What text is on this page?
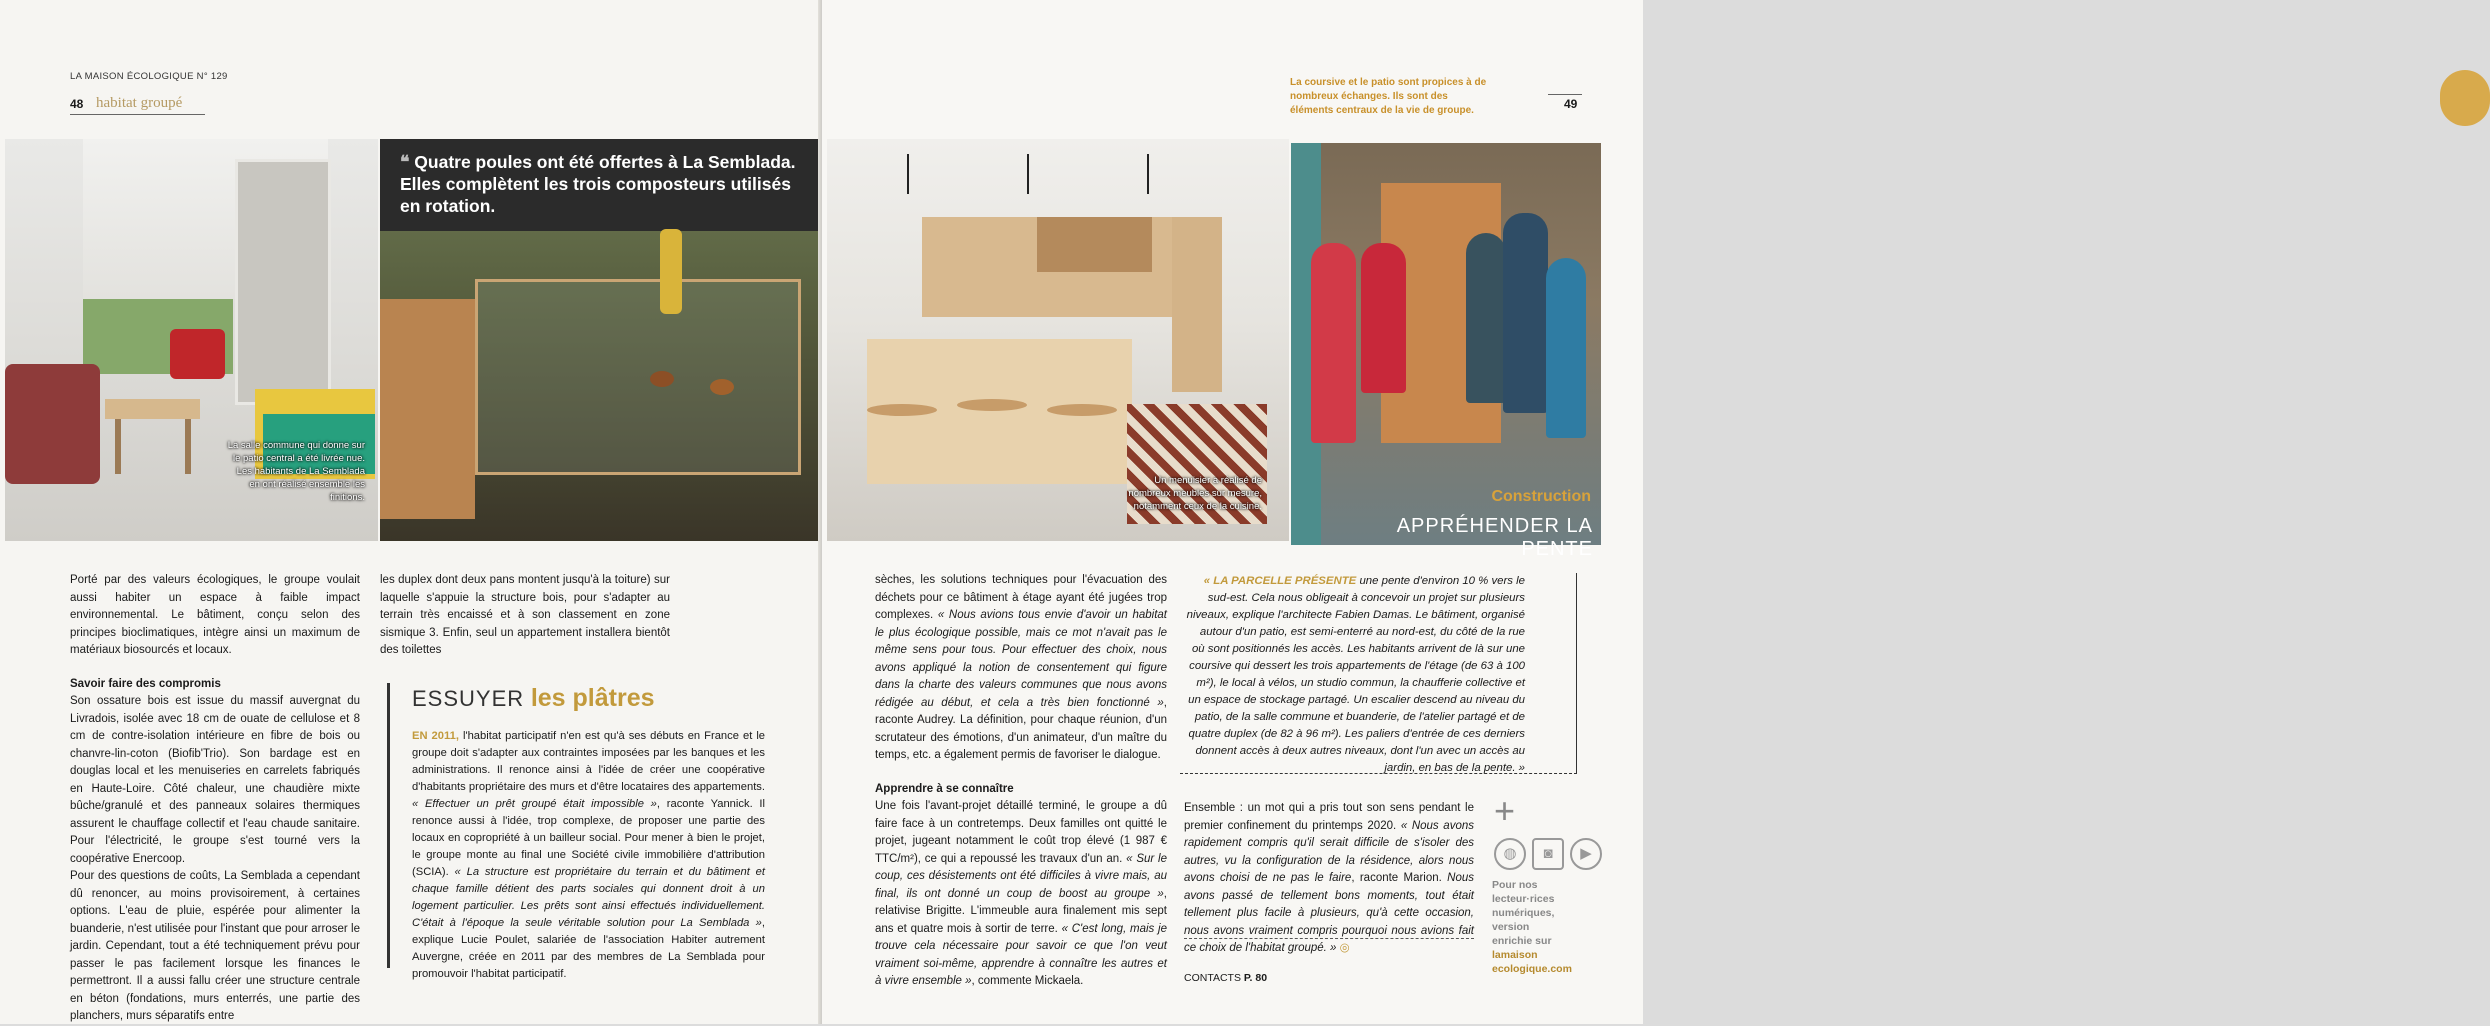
LA MAISON ÉCOLOGIQUE N° 129
48 habitat groupé
La salle commune qui donne sur le patio central a été livrée nue. Les habitants de La Semblada en ont réalisé ensemble les finitions.
❝ Quatre poules ont été offertes à La Semblada. Elles complètent les trois composteurs utilisés en rotation.

Porté par des valeurs écologiques, le groupe voulait aussi habiter un espace à faible impact environnemental. Le bâtiment, conçu selon des principes bioclimatiques, intègre ainsi un maximum de matériaux biosourcés et locaux.

Savoir faire des compromis

Son ossature bois est issue du massif auvergnat du Livradois, isolée avec 18 cm de ouate de cellulose et 8 cm de contre-isolation intérieure en fibre de bois ou chanvre-lin-coton (Biofib'Trio). Son bardage est en douglas local et les menuiseries en carrelets fabriqués en Haute-Loire. Côté chaleur, une chaudière mixte bûche/granulé et des panneaux solaires thermiques assurent le chauffage collectif et l'eau chaude sanitaire. Pour l'électricité, le groupe s'est tourné vers la coopérative Enercoop.

Pour des questions de coûts, La Semblada a cependant dû renoncer, au moins provisoirement, à certaines options. L'eau de pluie, espérée pour alimenter la buanderie, n'est utilisée pour l'instant que pour arroser le jardin. Cependant, tout a été techniquement prévu pour passer le pas facilement lorsque les finances le permettront. Il a aussi fallu créer une structure centrale en béton (fondations, murs enterrés, une partie des planchers, murs séparatifs entre

les duplex dont deux pans montent jusqu'à la toiture) sur laquelle s'appuie la structure bois, pour s'adapter au terrain très encaissé et à son classement en zone sismique 3. Enfin, seul un appartement installera bientôt des toilettes

ESSUYER les plâtres
EN 2011, l'habitat participatif n'en est qu'à ses débuts en France et le groupe doit s'adapter aux contraintes imposées par les banques et les administrations. Il renonce ainsi à l'idée de créer une coopérative d'habitants propriétaire des murs et d'être locataires des appartements. « Effectuer un prêt groupé était impossible », raconte Yannick. Il renonce aussi à l'idée, trop complexe, de proposer une partie des locaux en copropriété à un bailleur social. Pour mener à bien le projet, le groupe monte au final une Société civile immobilière d'attribution (SCIA). « La structure est propriétaire du terrain et du bâtiment et chaque famille détient des parts sociales qui donnent droit à un logement particulier. Les prêts sont ainsi effectués individuellement. C'était à l'époque la seule véritable solution pour La Semblada », explique Lucie Poulet, salariée de l'association Habiter autrement Auvergne, créée en 2011 par des membres de La Semblada pour promouvoir l'habitat participatif.
La coursive et le patio sont propices à de nombreux échanges. Ils sont des éléments centraux de la vie de groupe.	49
Un menuisier a réalisé de nombreux meubles sur mesure, notamment ceux de la cuisine.
Construction
APPRÉHENDER LA PENTE

sèches, les solutions techniques pour l'évacuation des déchets pour ce bâtiment à étage ayant été jugées trop complexes. « Nous avions tous envie d'avoir un habitat le plus écologique possible, mais ce mot n'avait pas le même sens pour tous. Pour effectuer des choix, nous avons appliqué la notion de consentement qui figure dans la charte des valeurs communes que nous avons rédigée au début, et cela a très bien fonctionné », raconte Audrey. La définition, pour chaque réunion, d'un scrutateur des émotions, d'un animateur, d'un maître du temps, etc. a également permis de favoriser le dialogue.

Apprendre à se connaître

Une fois l'avant-projet détaillé terminé, le groupe a dû faire face à un contretemps. Deux familles ont quitté le projet, jugeant notamment le coût trop élevé (1 987 € TTC/m²), ce qui a repoussé les travaux d'un an. « Sur le coup, ces désistements ont été difficiles à vivre mais, au final, ils ont donné un coup de boost au groupe », relativise Brigitte. L'immeuble aura finalement mis sept ans et quatre mois à sortir de terre. « C'est long, mais je trouve cela nécessaire pour savoir ce que l'on veut vraiment soi-même, apprendre à connaître les autres et à vivre ensemble », commente Mickaela.

Ensemble : un mot qui a pris tout son sens pendant le premier confinement du printemps 2020. « Nous avons rapidement compris qu'il serait difficile de s'isoler des autres, vu la configuration de la résidence, alors nous avons choisi de ne pas le faire, raconte Marion. Nous avons passé de tellement bons moments, tout était tellement plus facile à plusieurs, qu'à cette occasion, nous avons vraiment compris pourquoi nous avions fait ce choix de l'habitat groupé. » ◎

CONTACTS P. 80

+
◍	◙	▶
Pour nos
lecteur·rices
numériques,
version
enrichie sur
lamaison
ecologique.com
« LA PARCELLE PRÉSENTE une pente d'environ 10 % vers le sud-est. Cela nous obligeait à concevoir un projet sur plusieurs niveaux, explique l'architecte Fabien Damas. Le bâtiment, organisé autour d'un patio, est semi-enterré au nord-est, du côté de la rue où sont positionnés les accès. Les habitants arrivent de là sur une coursive qui dessert les trois appartements de l'étage (de 63 à 100 m²), le local à vélos, un studio commun, la chaufferie collective et un espace de stockage partagé. Un escalier descend au niveau du patio, de la salle commune et buanderie, de l'atelier partagé et de quatre duplex (de 82 à 96 m²). Les paliers d'entrée de ces derniers donnent accès à deux autres niveaux, dont l'un avec un accès au jardin, en bas de la pente. »
